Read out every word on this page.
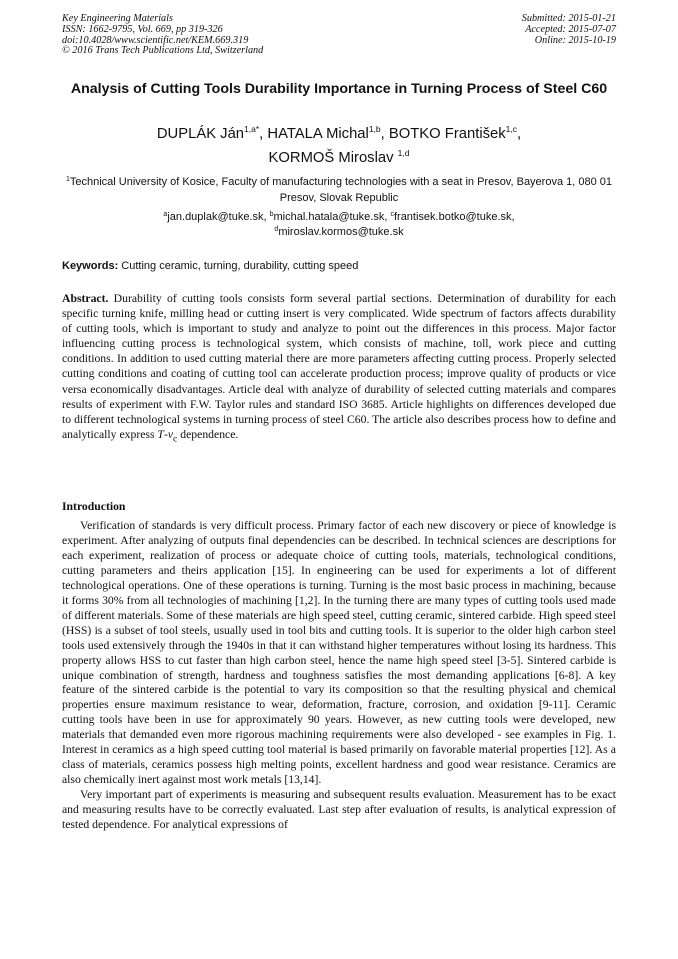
Key Engineering Materials
ISSN: 1662-9795, Vol. 669, pp 319-326
doi:10.4028/www.scientific.net/KEM.669.319
© 2016 Trans Tech Publications Ltd, Switzerland
Submitted: 2015-01-21
Accepted: 2015-07-07
Online: 2015-10-19
Analysis of Cutting Tools Durability Importance in Turning Process of Steel C60
DUPLÁK Ján$^{1,a*}$, HATALA Michal$^{1,b}$, BOTKO František$^{1,c}$,
KORMOŠ Miroslav $^{1,d}$
$^1$Technical University of Kosice, Faculty of manufacturing technologies with a seat in Presov, Bayerova 1, 080 01 Presov, Slovak Republic
$^a$jan.duplak@tuke.sk, $^b$michal.hatala@tuke.sk, $^c$frantisek.botko@tuke.sk,
$^d$miroslav.kormos@tuke.sk
Keywords: Cutting ceramic, turning, durability, cutting speed
Abstract. Durability of cutting tools consists form several partial sections. Determination of durability for each specific turning knife, milling head or cutting insert is very complicated. Wide spectrum of factors affects durability of cutting tools, which is important to study and analyze to point out the differences in this process. Major factor influencing cutting process is technological system, which consists of machine, toll, work piece and cutting conditions. In addition to used cutting material there are more parameters affecting cutting process. Properly selected cutting conditions and coating of cutting tool can accelerate production process; improve quality of products or vice versa economically disadvantages. Article deal with analyze of durability of selected cutting materials and compares results of experiment with F.W. Taylor rules and standard ISO 3685. Article highlights on differences developed due to different technological systems in turning process of steel C60. The article also describes process how to define and analytically express $T-v_c$ dependence.
Introduction

Verification of standards is very difficult process. Primary factor of each new discovery or piece of knowledge is experiment. After analyzing of outputs final dependencies can be described. In technical sciences are descriptions for each experiment, realization of process or adequate choice of cutting tools, materials, technological conditions, cutting parameters and theirs application [15]. In engineering can be used for experiments a lot of different technological operations. One of these operations is turning. Turning is the most basic process in machining, because it forms 30% from all technologies of machining [1,2]. In the turning there are many types of cutting tools used made of different materials. Some of these materials are high speed steel, cutting ceramic, sintered carbide. High speed steel (HSS) is a subset of tool steels, usually used in tool bits and cutting tools. It is superior to the older high carbon steel tools used extensively through the 1940s in that it can withstand higher temperatures without losing its hardness. This property allows HSS to cut faster than high carbon steel, hence the name high speed steel [3-5]. Sintered carbide is unique combination of strength, hardness and toughness satisfies the most demanding applications [6-8]. A key feature of the sintered carbide is the potential to vary its composition so that the resulting physical and chemical properties ensure maximum resistance to wear, deformation, fracture, corrosion, and oxidation [9-11]. Ceramic cutting tools have been in use for approximately 90 years. However, as new cutting tools were developed, new materials that demanded even more rigorous machining requirements were also developed - see examples in Fig. 1. Interest in ceramics as a high speed cutting tool material is based primarily on favorable material properties [12]. As a class of materials, ceramics possess high melting points, excellent hardness and good wear resistance. Ceramics are also chemically inert against most work metals [13,14].

Very important part of experiments is measuring and subsequent results evaluation. Measurement has to be exact and measuring results have to be correctly evaluated. Last step after evaluation of results, is analytical expression of tested dependence. For analytical expressions of
